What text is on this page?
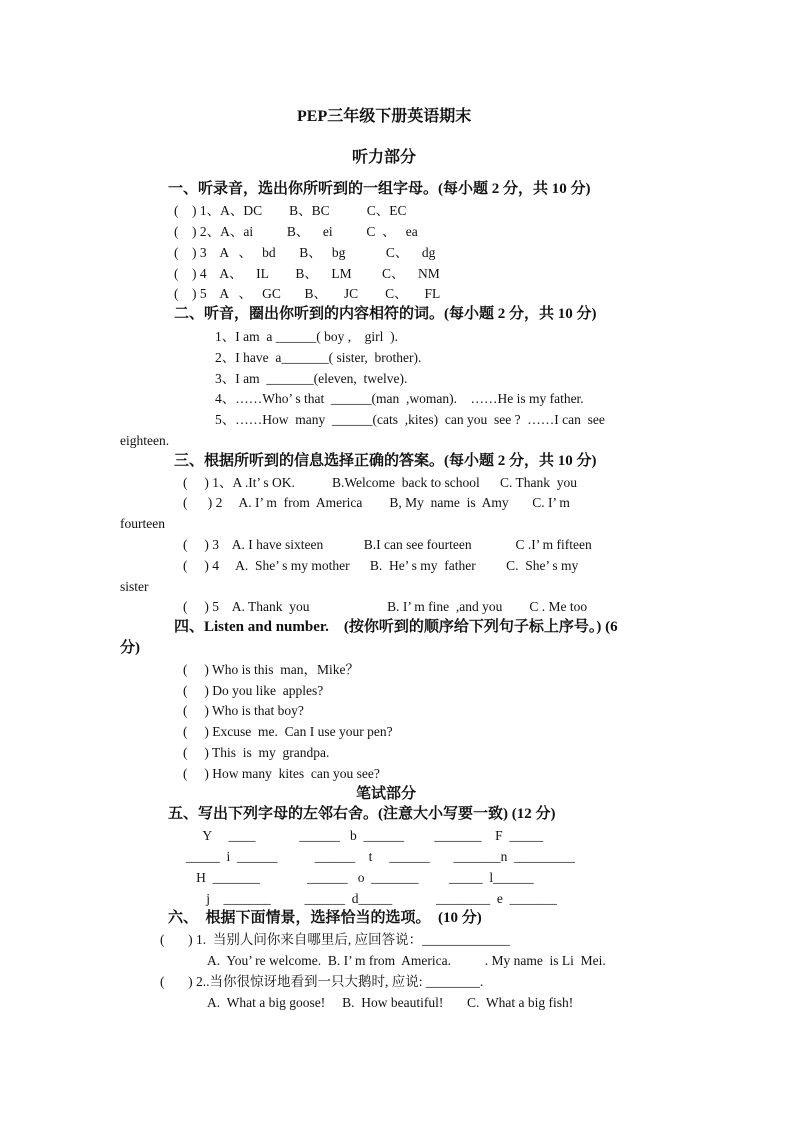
PEP三年级下册英语期末
听力部分
一、听录音，选出你所听到的一组字母。(每小题 2 分，共 10 分)
(    ) 1、A、DC        B、BC           C、EC
(    ) 2、A、ai          B、    ei          C  、   ea
(    ) 3    A   、   bd       B、   bg            C、    dg
(    ) 4    A、    IL        B、    LM         C、    NM
(    ) 5    A   、   GC       B、     JC        C、     FL
二、听音，圈出你听到的内容相符的词。(每小题 2 分，共 10 分)
1、I am  a ______( boy ,    girl  ).
2、I have  a_______( sister,  brother).
3、I am  _______(eleven,  twelve).
4、……Who’ s that  ______(man  ,woman).    ……He is my father.
5、……How  many  ______(cats  ,kites)  can you  see ?  ……I can  see
eighteen.
三、根据所听到的信息选择正确的答案。(每小题 2 分，共 10 分)
(     ) 1、A .It’ s OK.           B.Welcome  back to school      C. Thank  you
(      ) 2     A. I’ m  from  America        B, My  name  is  Amy       C. I’ m
fourteen
(     ) 3    A. I have sixteen            B.I can see fourteen             C .I’ m fifteen
(     ) 4     A.  She’ s my mother      B.  He’ s my  father         C.  She’ s my
sister
(     ) 5    A. Thank  you                       B. I’ m fine  ,and you        C . Me too
四、Listen and number.    (按你听到的顺序给下列句子标上序号。) (6
分)
(     ) Who is this  man，Mike？
(     ) Do you like  apples?
(     ) Who is that boy?
(     ) Excuse  me.  Can I use your pen?
(     ) This  is  my  grandpa.
(     ) How many  kites  can you see?
笔试部分
五、写出下列字母的左邻右舍。(注意大小写要一致) (12 分)
Y     ____             ______   b  ______         _______    F  _____
_____  i  ______           ______    t     ______       _______n  _________
H  _______              ______   o  _______         _____  l______
j    _______          ______  d_____             ________  e  _______
六、  根据下面情景，选择恰当的选项。  (10 分)
(       ) 1.  当别人问你来自哪里后, 应回答说：_____________
A.  You’ re welcome.  B. I’ m from  America.          . My name  is Li  Mei.
(       ) 2..当你很惊讶地看到一只大鹅时, 应说: ________.
A.  What a big goose!     B.  How beautiful!       C.  What a big fish!
